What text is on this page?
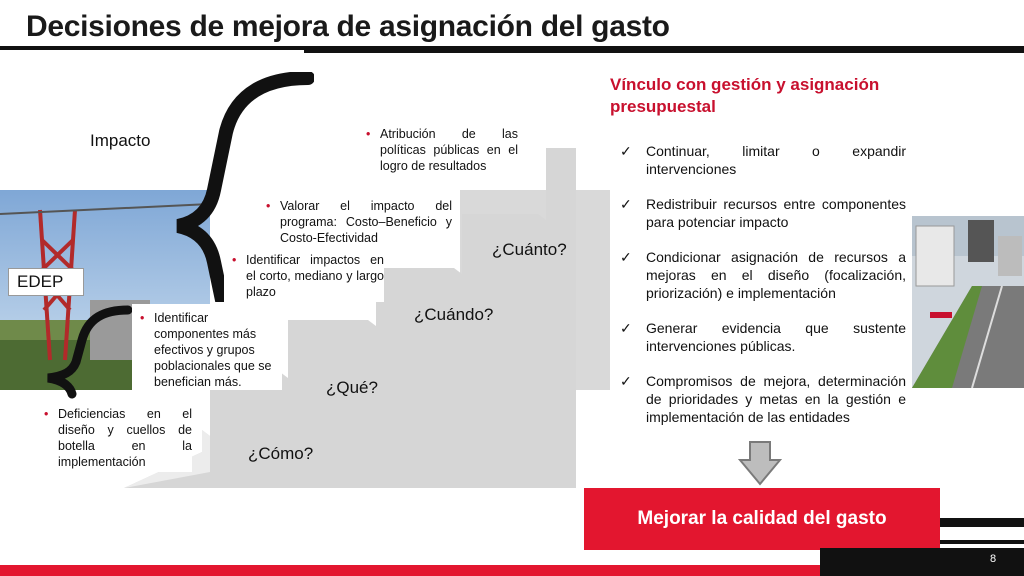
Decisiones de mejora de asignación del gasto
Impacto
EDEP
• Atribución de las políticas públicas en el logro de resultados
• Valorar el impacto del programa: Costo–Beneficio y Costo-Efectividad
• Identificar impactos en el corto, mediano y largo plazo
• Identificar componentes más efectivos y grupos poblacionales que se benefician más.
• Deficiencias en el diseño y cuellos de botella en la implementación
¿Cuánto?
¿Cuándo?
¿Qué?
¿Cómo?
Vínculo con gestión y asignación presupuestal
✓ Continuar, limitar o expandir intervenciones
✓ Redistribuir recursos entre componentes para potenciar impacto
✓ Condicionar asignación de recursos a mejoras en el diseño (focalización, priorización) e implementación
✓ Generar evidencia que sustente intervenciones públicas.
✓ Compromisos de mejora, determinación de prioridades y metas en la gestión e implementación de las entidades
Mejorar la calidad del gasto
8
